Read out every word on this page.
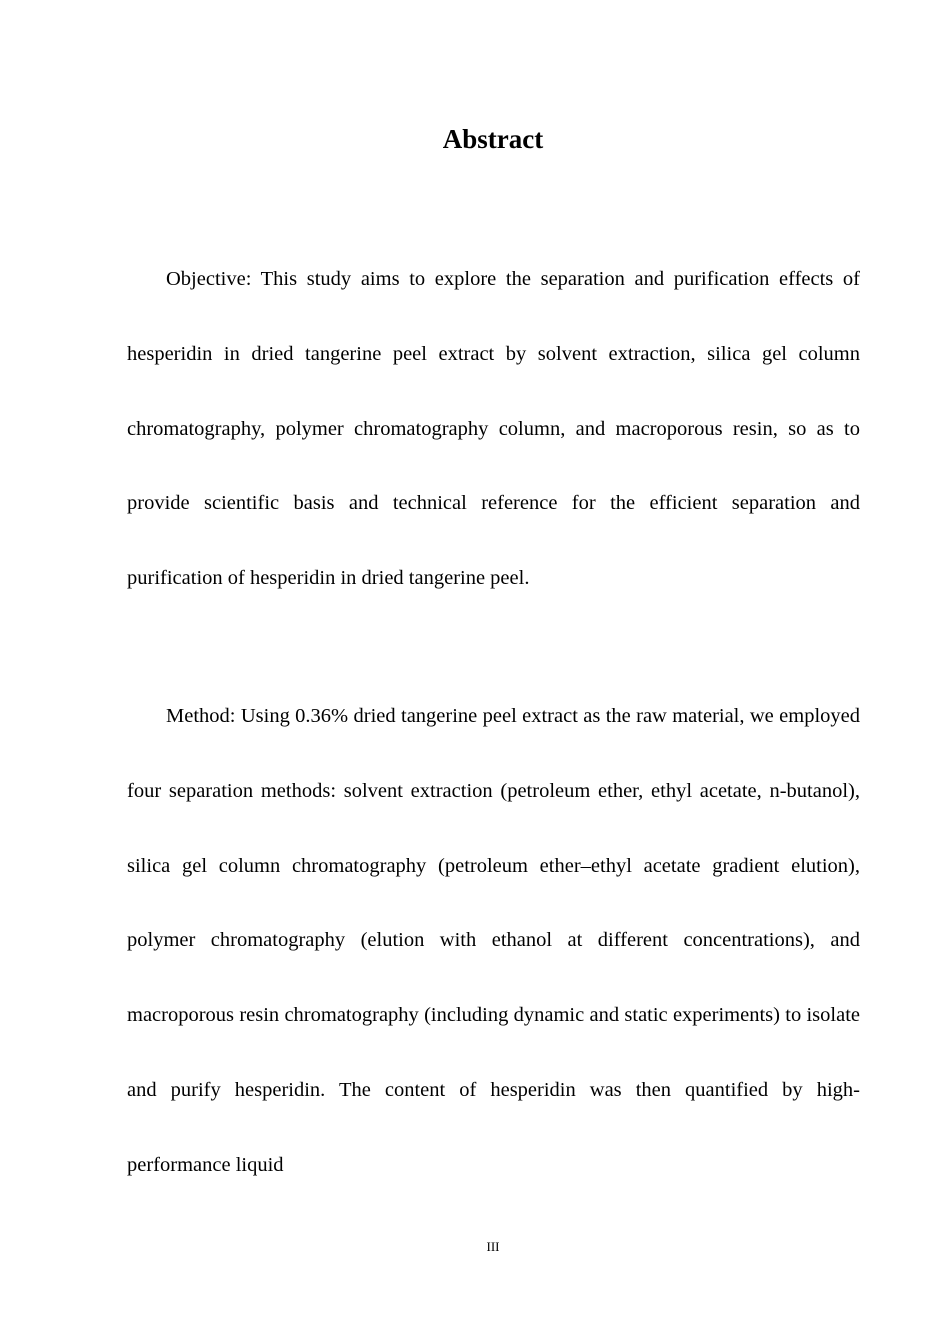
Abstract

Objective: This study aims to explore the separation and purification effects of hesperidin in dried tangerine peel extract by solvent extraction, silica gel column chromatography, polymer chromatography column, and macroporous resin, so as to provide scientific basis and technical reference for the efficient separation and purification of hesperidin in dried tangerine peel.

Method: Using 0.36% dried tangerine peel extract as the raw material, we employed four separation methods: solvent extraction (petroleum ether, ethyl acetate, n-butanol), silica gel column chromatography (petroleum ether–ethyl acetate gradient elution), polymer chromatography (elution with ethanol at different concentrations), and macroporous resin chromatography (including dynamic and static experiments) to isolate and purify hesperidin. The content of hesperidin was then quantified by high-performance liquid

III
